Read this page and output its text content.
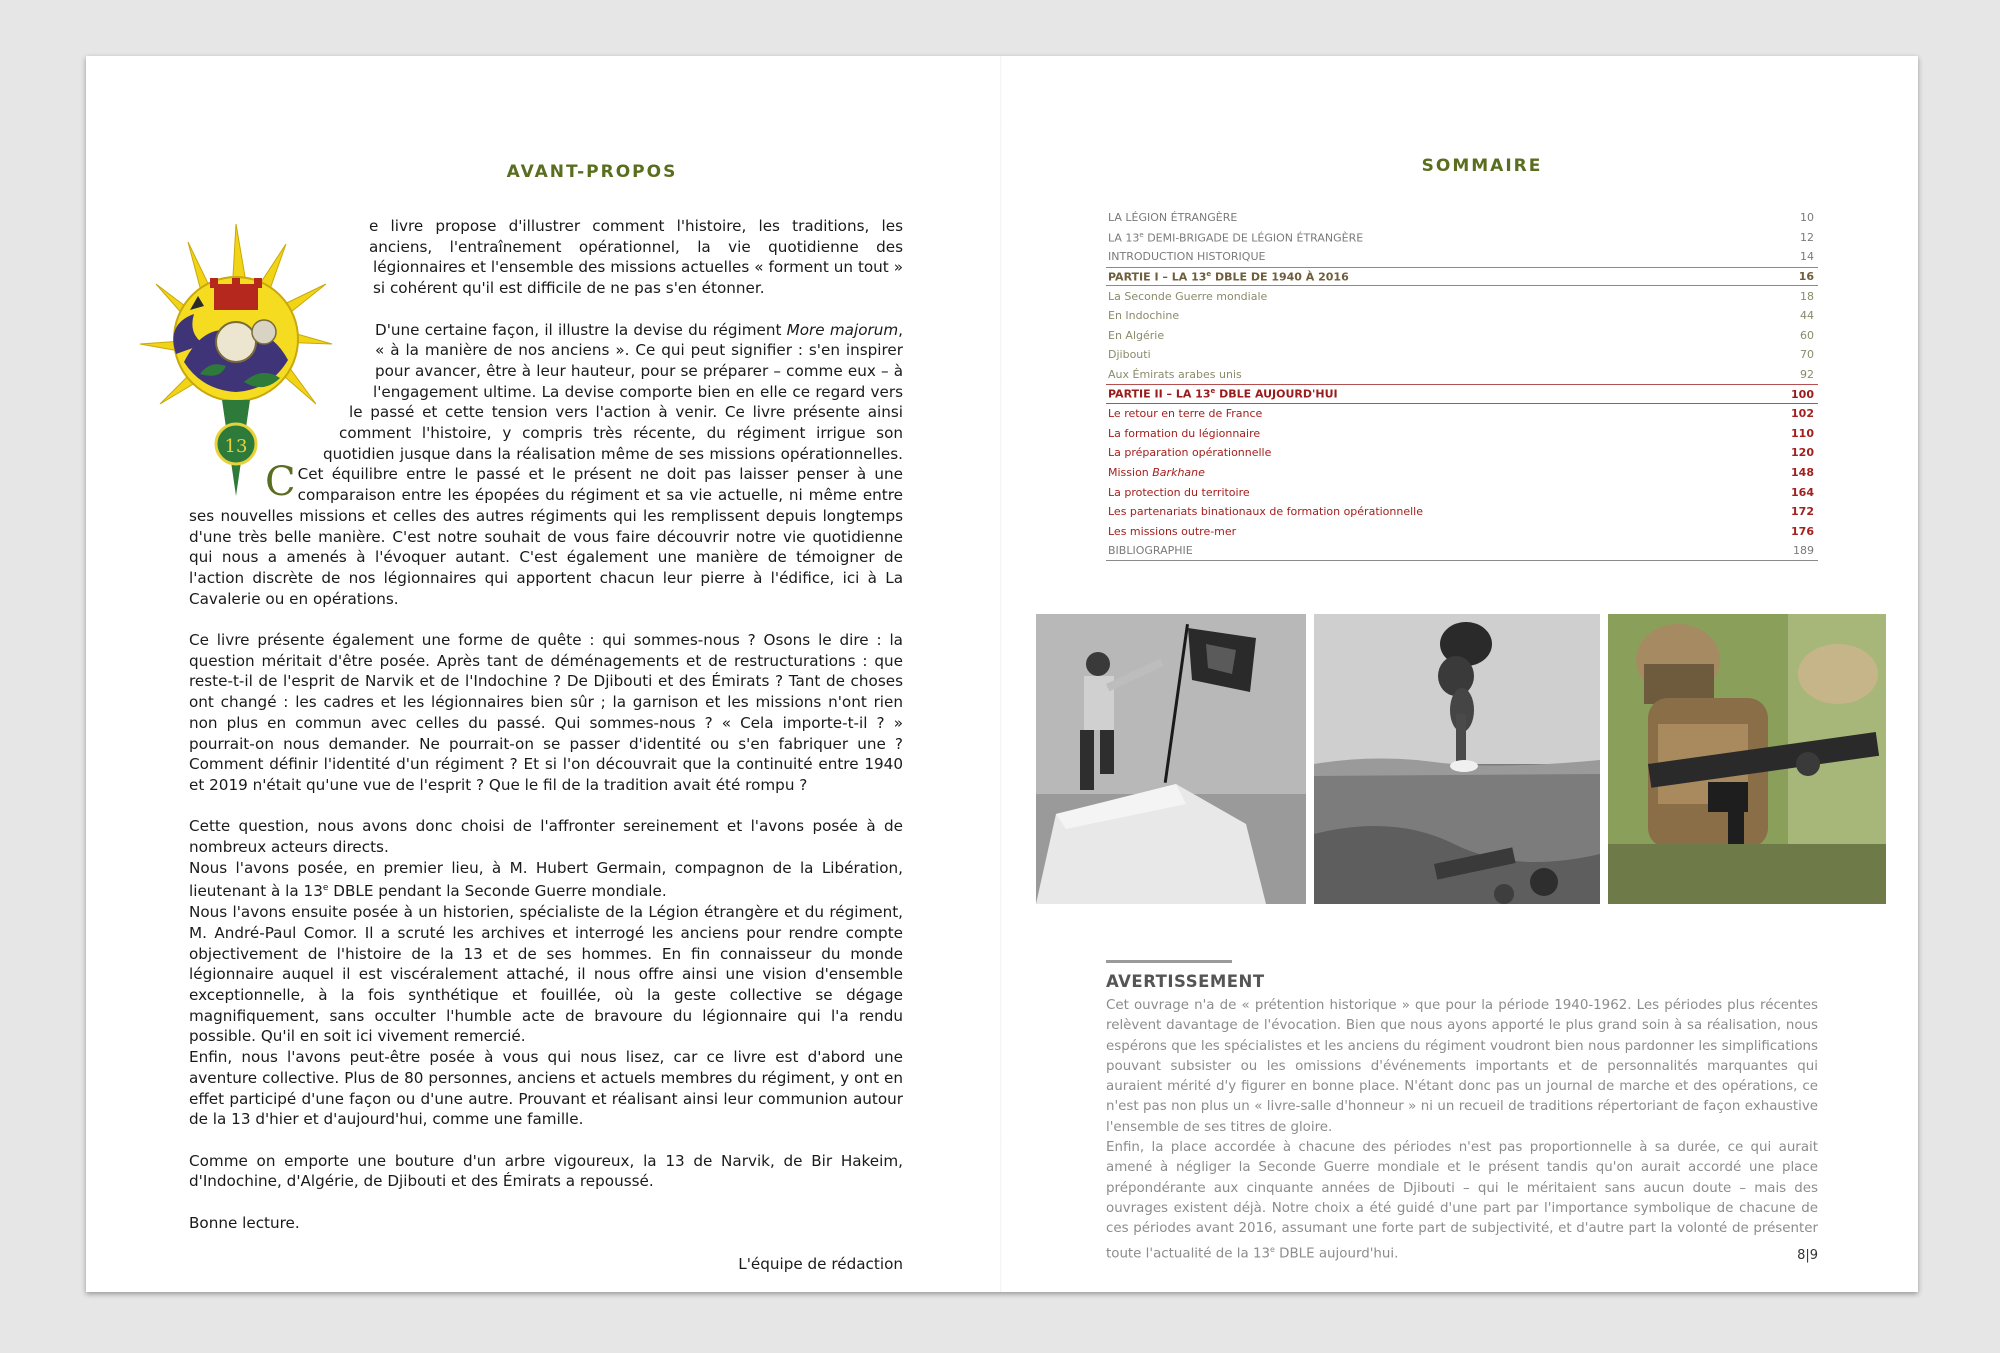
AVANT-PROPOS
13

C
e livre propose d'illustrer comment l'histoire, les traditions, les anciens, l'entraînement opérationnel, la vie quotidienne des légionnaires et l'ensemble des missions actuelles « forment un tout » si cohérent qu'il est difficile de ne pas s'en étonner.

D'une certaine façon, il illustre la devise du régiment More majorum, « à la manière de nos anciens ». Ce qui peut signifier : s'en inspirer pour avancer, être à leur hauteur, pour se préparer – comme eux – à l'engagement ultime. La devise comporte bien en elle ce regard vers le passé et cette tension vers l'action à venir. Ce livre présente ainsi comment l'histoire, y compris très récente, du régiment irrigue son quotidien jusque dans la réalisation même de ses missions opérationnelles. Cet équilibre entre le passé et le présent ne doit pas laisser penser à une comparaison entre les épopées du régiment et sa vie actuelle, ni même entre ses nouvelles missions et celles des autres régiments qui les remplissent depuis longtemps d'une très belle manière. C'est notre souhait de vous faire découvrir notre vie quotidienne qui nous a amenés à l'évoquer autant. C'est également une manière de témoigner de l'action discrète de nos légionnaires qui apportent chacun leur pierre à l'édifice, ici à La Cavalerie ou en opérations.

Ce livre présente également une forme de quête : qui sommes-nous ? Osons le dire : la question méritait d'être posée. Après tant de déménagements et de restructurations : que reste-t-il de l'esprit de Narvik et de l'Indochine ? De Djibouti et des Émirats ? Tant de choses ont changé : les cadres et les légionnaires bien sûr ; la garnison et les missions n'ont rien non plus en commun avec celles du passé. Qui sommes-nous ? « Cela importe-t-il ? » pourrait-on nous demander. Ne pourrait-on se passer d'identité ou s'en fabriquer une ? Comment définir l'identité d'un régiment ? Et si l'on découvrait que la continuité entre 1940 et 2019 n'était qu'une vue de l'esprit ? Que le fil de la tradition avait été rompu ?

Cette question, nous avons donc choisi de l'affronter sereinement et l'avons posée à de nombreux acteurs directs.

Nous l'avons posée, en premier lieu, à M. Hubert Germain, compagnon de la Libération, lieutenant à la 13e DBLE pendant la Seconde Guerre mondiale.

Nous l'avons ensuite posée à un historien, spécialiste de la Légion étrangère et du régiment, M. André-Paul Comor. Il a scruté les archives et interrogé les anciens pour rendre compte objectivement de l'histoire de la 13 et de ses hommes. En fin connaisseur du monde légionnaire auquel il est viscéralement attaché, il nous offre ainsi une vision d'ensemble exceptionnelle, à la fois synthétique et fouillée, où la geste collective se dégage magnifiquement, sans occulter l'humble acte de bravoure du légionnaire qui l'a rendu possible. Qu'il en soit ici vivement remercié.

Enfin, nous l'avons peut-être posée à vous qui nous lisez, car ce livre est d'abord une aventure collective. Plus de 80 personnes, anciens et actuels membres du régiment, y ont en effet participé d'une façon ou d'une autre. Prouvant et réalisant ainsi leur communion autour de la 13 d'hier et d'aujourd'hui, comme une famille.

Comme on emporte une bouture d'un arbre vigoureux, la 13 de Narvik, de Bir Hakeim, d'Indochine, d'Algérie, de Djibouti et des Émirats a repoussé.

Bonne lecture.

L'équipe de rédaction

SOMMAIRE
LA LÉGION ÉTRANGÈRE	10
LA 13e DEMI-BRIGADE DE LÉGION ÉTRANGÈRE	12
INTRODUCTION HISTORIQUE	14
PARTIE I – LA 13e DBLE DE 1940 À 2016	16
La Seconde Guerre mondiale	18
En Indochine	44
En Algérie	60
Djibouti	70
Aux Émirats arabes unis	92
PARTIE II – LA 13e DBLE AUJOURD'HUI	100
Le retour en terre de France	102
La formation du légionnaire	110
La préparation opérationnelle	120
Mission Barkhane	148
La protection du territoire	164
Les partenariats binationaux de formation opérationnelle	172
Les missions outre-mer	176
BIBLIOGRAPHIE	189
AVERTISSEMENT

Cet ouvrage n'a de « prétention historique » que pour la période 1940-1962. Les périodes plus récentes relèvent davantage de l'évocation. Bien que nous ayons apporté le plus grand soin à sa réalisation, nous espérons que les spécialistes et les anciens du régiment voudront bien nous pardonner les simplifications pouvant subsister ou les omissions d'événements importants et de personnalités marquantes qui auraient mérité d'y figurer en bonne place. N'étant donc pas un journal de marche et des opérations, ce n'est pas non plus un « livre-salle d'honneur » ni un recueil de traditions répertoriant de façon exhaustive l'ensemble de ses titres de gloire.

Enfin, la place accordée à chacune des périodes n'est pas proportionnelle à sa durée, ce qui aurait amené à négliger la Seconde Guerre mondiale et le présent tandis qu'on aurait accordé une place prépondérante aux cinquante années de Djibouti – qui le méritaient sans aucun doute – mais des ouvrages existent déjà. Notre choix a été guidé d'une part par l'importance symbolique de chacune de ces périodes avant 2016, assumant une forte part de subjectivité, et d'autre part la volonté de présenter toute l'actualité de la 13e DBLE aujourd'hui.	8|9
